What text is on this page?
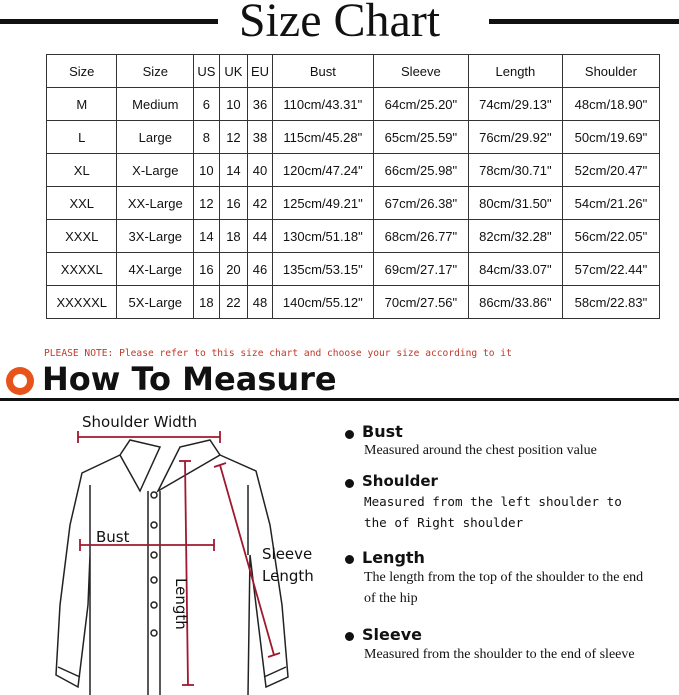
Size Chart
Size	Size	US	UK	EU	Bust	Sleeve	Length	Shoulder
M	Medium	6	10	36	110cm/43.31"	64cm/25.20"	74cm/29.13"	48cm/18.90"
L	Large	8	12	38	115cm/45.28"	65cm/25.59"	76cm/29.92"	50cm/19.69"
XL	X-Large	10	14	40	120cm/47.24"	66cm/25.98"	78cm/30.71"	52cm/20.47"
XXL	XX-Large	12	16	42	125cm/49.21"	67cm/26.38"	80cm/31.50"	54cm/21.26"
XXXL	3X-Large	14	18	44	130cm/51.18"	68cm/26.77"	82cm/32.28"	56cm/22.05"
XXXXL	4X-Large	16	20	46	135cm/53.15"	69cm/27.17"	84cm/33.07"	57cm/22.44"
XXXXXL	5X-Large	18	22	48	140cm/55.12"	70cm/27.56"	86cm/33.86"	58cm/22.83"
PLEASE NOTE: Please refer to this size chart and choose your size according to it
How To Measure
Shoulder Width
Bust
Sleeve
Length
Length
Bust
Measured around the chest position value
Shoulder
Measured from the left shoulder to the of Right shoulder
Length
The length from the top of the shoulder to the end of the hip
Sleeve
Measured from the shoulder to the end of sleeve
